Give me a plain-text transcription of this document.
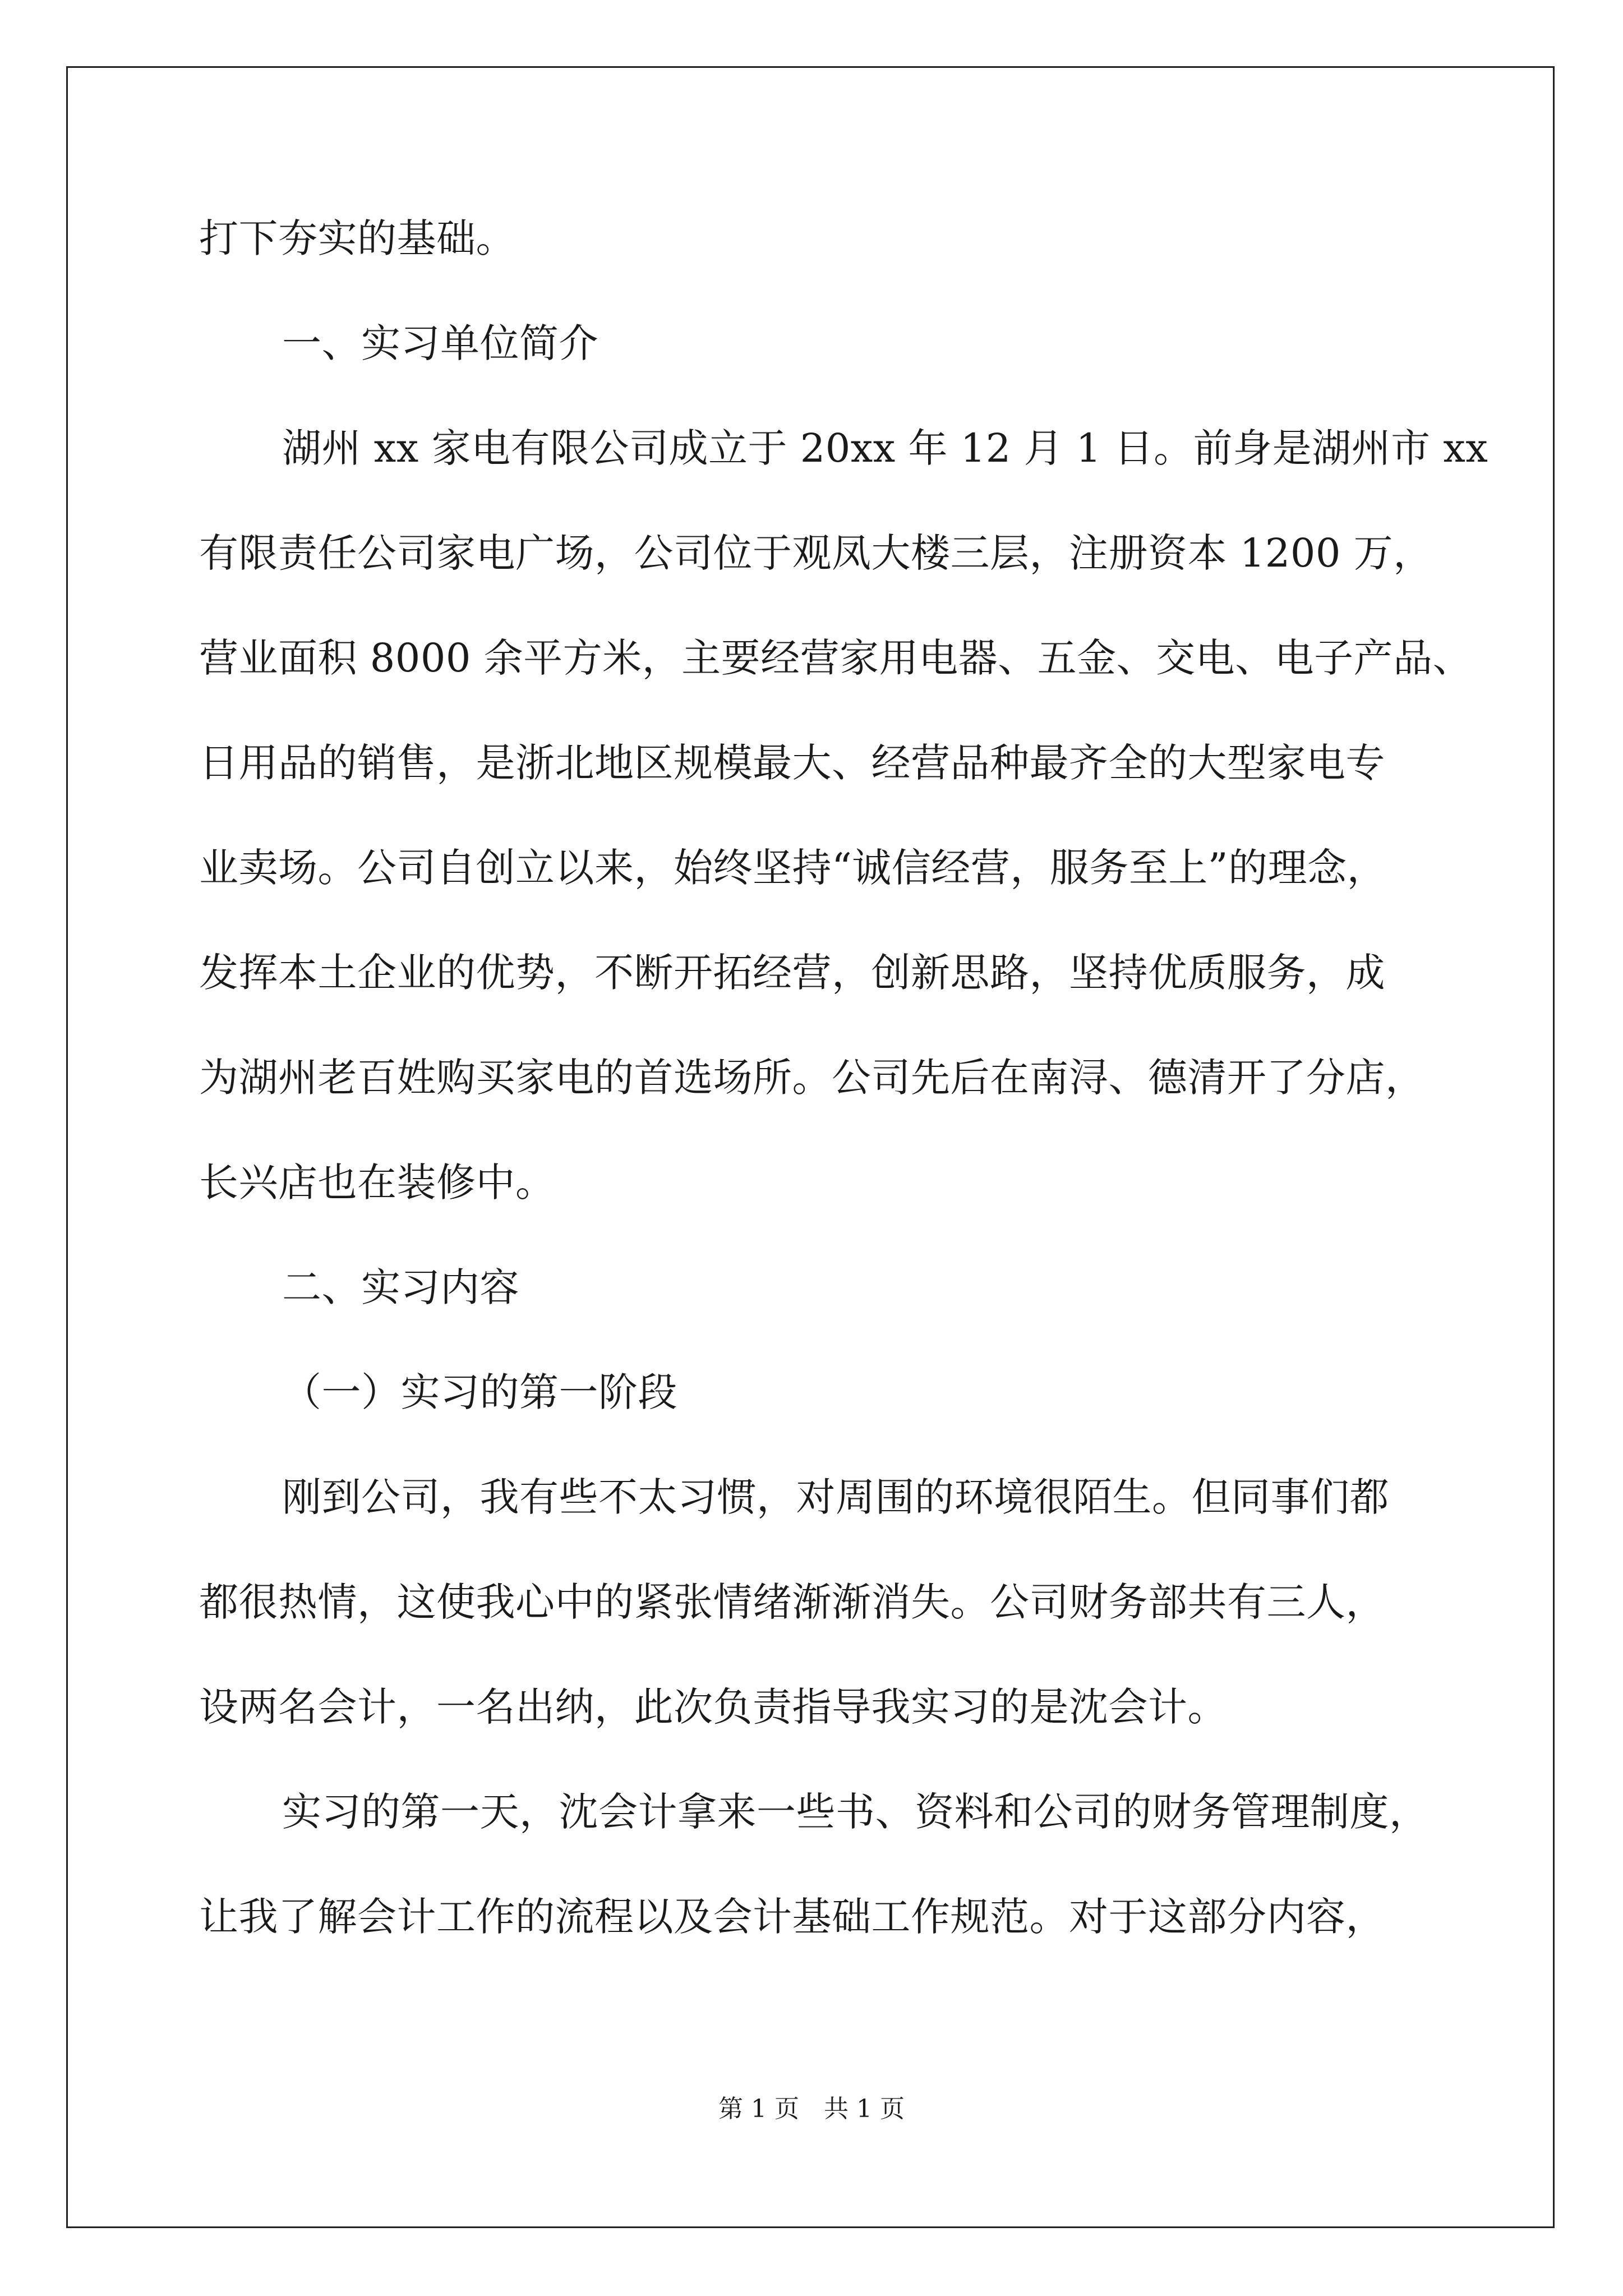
打下夯实的基础。
一、实习单位简介
湖州 xx 家电有限公司成立于 20xx 年 12 月 1 日。前身是湖州市 xx
有限责任公司家电广场，公司位于观凤大楼三层，注册资本 1200 万，
营业面积 8000 余平方米，主要经营家用电器、五金、交电、电子产品、
日用品的销售，是浙北地区规模最大、经营品种最齐全的大型家电专
业卖场。公司自创立以来，始终坚持“诚信经营，服务至上”的理念，
发挥本土企业的优势，不断开拓经营，创新思路，坚持优质服务，成
为湖州老百姓购买家电的首选场所。公司先后在南浔、德清开了分店，
长兴店也在装修中。
二、实习内容
（一）实习的第一阶段
刚到公司，我有些不太习惯，对周围的环境很陌生。但同事们都
都很热情，这使我心中的紧张情绪渐渐消失。公司财务部共有三人，
设两名会计，一名出纳，此次负责指导我实习的是沈会计。
实习的第一天，沈会计拿来一些书、资料和公司的财务管理制度，
让我了解会计工作的流程以及会计基础工作规范。对于这部分内容，
第 1 页　共 1 页
